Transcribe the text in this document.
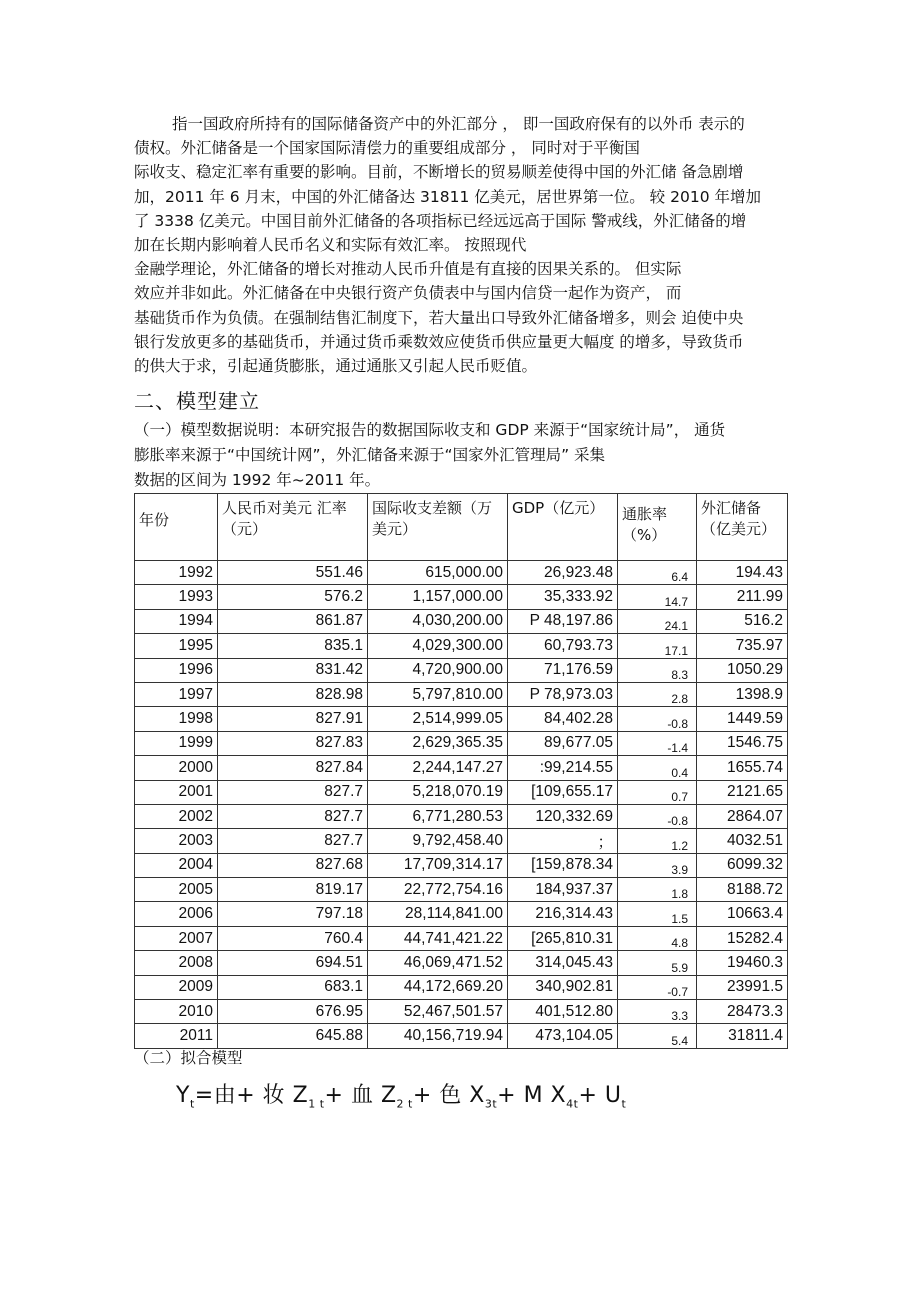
指一国政府所持有的国际储备资产中的外汇部分 ， 即一国政府保有的以外币 表示的
债权。外汇储备是一个国家国际清偿力的重要组成部分 ， 同时对于平衡国
际收支、稳定汇率有重要的影响。目前，不断增长的贸易顺差使得中国的外汇储 备急剧增
加，2011 年 6 月末，中国的外汇储备达 31811 亿美元，居世界第一位。 较 2010 年增加
了 3338 亿美元。中国目前外汇储备的各项指标已经远远高于国际 警戒线，外汇储备的增
加在长期内影响着人民币名义和实际有效汇率。 按照现代
金融学理论，外汇储备的增长对推动人民币升值是有直接的因果关系的。 但实际
效应并非如此。外汇储备在中央银行资产负债表中与国内信贷一起作为资产， 而
基础货币作为负债。在强制结售汇制度下，若大量出口导致外汇储备增多，则会 迫使中央
银行发放更多的基础货币，并通过货币乘数效应使货币供应量更大幅度 的增多，导致货币
的供大于求，引起通货膨胀，通过通胀又引起人民币贬值。
二、模型建立
（一）模型数据说明：本研究报告的数据国际收支和 GDP 来源于“国家统计局”， 通货
膨胀率来源于“中国统计网”，外汇储备来源于“国家外汇管理局” 采集
数据的区间为 1992 年~2011 年。
年份	人民币对美元 汇率（元）	国际收支差额（万美元）	GDP（亿元）	通胀率（%）	外汇储备（亿美元）
1992	551.46	615,000.00	26,923.48	6.4	194.43
1993	576.2	1,157,000.00	35,333.92	14.7	211.99
1994	861.87	4,030,200.00	P 48,197.86	24.1	516.2
1995	835.1	4,029,300.00	60,793.73	17.1	735.97
1996	831.42	4,720,900.00	71,176.59	8.3	1050.29
1997	828.98	5,797,810.00	P 78,973.03	2.8	1398.9
1998	827.91	2,514,999.05	84,402.28	-0.8	1449.59
1999	827.83	2,629,365.35	89,677.05	-1.4	1546.75
2000	827.84	2,244,147.27	:99,214.55	0.4	1655.74
2001	827.7	5,218,070.19	[109,655.17	0.7	2121.65
2002	827.7	6,771,280.53	120,332.69	-0.8	2864.07
2003	827.7	9,792,458.40	；	1.2	4032.51
2004	827.68	17,709,314.17	[159,878.34	3.9	6099.32
2005	819.17	22,772,754.16	184,937.37	1.8	8188.72
2006	797.18	28,114,841.00	216,314.43	1.5	10663.4
2007	760.4	44,741,421.22	[265,810.31	4.8	15282.4
2008	694.51	46,069,471.52	314,045.43	5.9	19460.3
2009	683.1	44,172,669.20	340,902.81	-0.7	23991.5
2010	676.95	52,467,501.57	401,512.80	3.3	28473.3
2011	645.88	40,156,719.94	473,104.05	5.4	31811.4
（二）拟合模型
$Y_t=$由+ 妆 $Z_{1 t}+$ 血 $Z_{2 t}+$ 色 $X_{3t}+ M$ $X_{4t}+ U_t$
